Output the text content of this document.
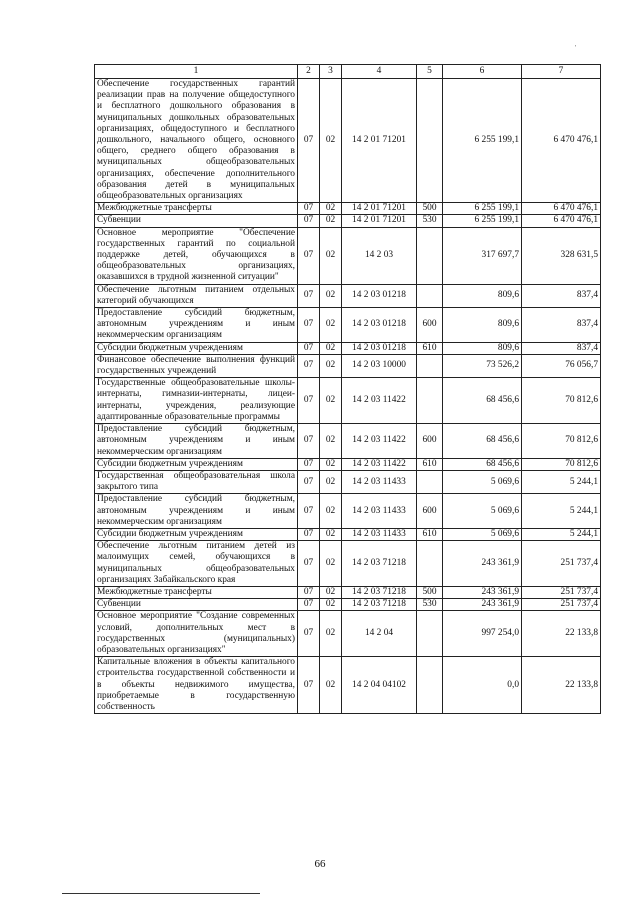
1	2	3	4	5	6	7
Обеспечение государственных гарантий реализации прав на получение общедоступного и бесплатного дошкольного образования в муниципальных дошкольных образовательных организациях, общедоступного и бесплатного дошкольного, начального общего, основного общего, среднего общего образования в муниципальных общеобразовательных организациях, обеспечение дополнительного образования детей в муниципальных общеобразовательных организациях	07	02	14 2 01 71201		6 255 199,1	6 470 476,1
Межбюджетные трансферты	07	02	14 2 01 71201	500	6 255 199,1	6 470 476,1
Субвенции	07	02	14 2 01 71201	530	6 255 199,1	6 470 476,1
Основное мероприятие "Обеспечение государственных гарантий по социальной поддержке детей, обучающихся в общеобразовательных организациях, оказавшихся в трудной жизненной ситуации"	07	02	14 2 03		317 697,7	328 631,5
Обеспечение льготным питанием отдельных категорий обучающихся	07	02	14 2 03 01218		809,6	837,4
Предоставление субсидий бюджетным, автономным учреждениям и иным некоммерческим организациям	07	02	14 2 03 01218	600	809,6	837,4
Субсидии бюджетным учреждениям	07	02	14 2 03 01218	610	809,6	837,4
Финансовое обеспечение выполнения функций государственных учреждений	07	02	14 2 03 10000		73 526,2	76 056,7
Государственные общеобразовательные школы-интернаты, гимназии-интернаты, лицеи-интернаты, учреждения, реализующие адаптированные образовательные программы	07	02	14 2 03 11422		68 456,6	70 812,6
Предоставление субсидий бюджетным, автономным учреждениям и иным некоммерческим организациям	07	02	14 2 03 11422	600	68 456,6	70 812,6
Субсидии бюджетным учреждениям	07	02	14 2 03 11422	610	68 456,6	70 812,6
Государственная общеобразовательная школа закрытого типа	07	02	14 2 03 11433		5 069,6	5 244,1
Предоставление субсидий бюджетным, автономным учреждениям и иным некоммерческим организациям	07	02	14 2 03 11433	600	5 069,6	5 244,1
Субсидии бюджетным учреждениям	07	02	14 2 03 11433	610	5 069,6	5 244,1
Обеспечение льготным питанием детей из малоимущих семей, обучающихся в муниципальных общеобразовательных организациях Забайкальского края	07	02	14 2 03 71218		243 361,9	251 737,4
Межбюджетные трансферты	07	02	14 2 03 71218	500	243 361,9	251 737,4
Субвенции	07	02	14 2 03 71218	530	243 361,9	251 737,4
Основное мероприятие "Создание современных условий, дополнительных мест в государственных (муниципальных) образовательных организациях"	07	02	14 2 04		997 254,0	22 133,8
Капитальные вложения в объекты капитального строительства государственной собственности и в объекты недвижимого имущества, приобретаемые в государственную собственность	07	02	14 2 04 04102		0,0	22 133,8
66
'
